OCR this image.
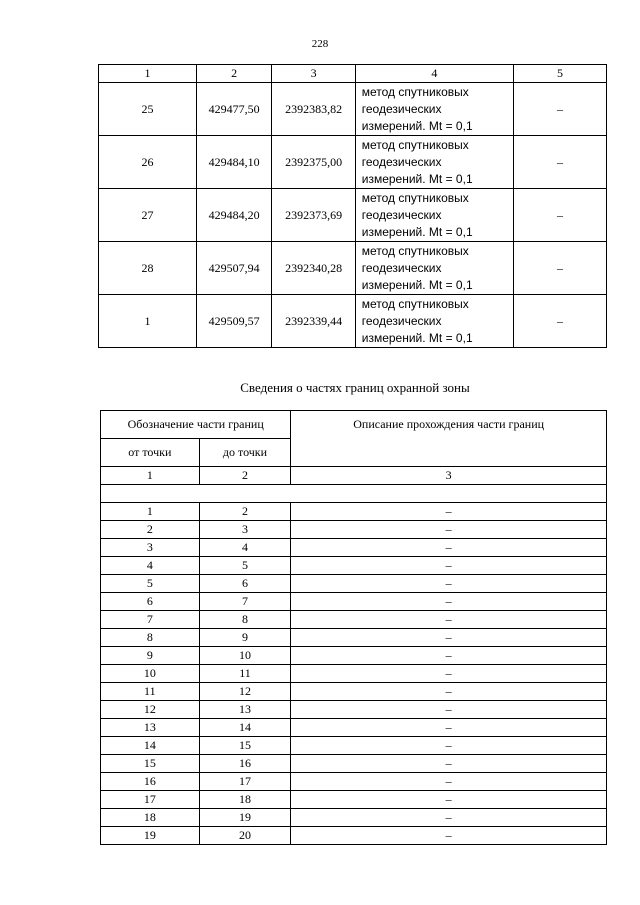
228
1	2	3	4	5
25	429477,50	2392383,82	метод спутниковых
геодезических
измерений. Mt = 0,1	–
26	429484,10	2392375,00	метод спутниковых
геодезических
измерений. Mt = 0,1	–
27	429484,20	2392373,69	метод спутниковых
геодезических
измерений. Mt = 0,1	–
28	429507,94	2392340,28	метод спутниковых
геодезических
измерений. Mt = 0,1	–
1	429509,57	2392339,44	метод спутниковых
геодезических
измерений. Mt = 0,1	–
Сведения о частях границ охранной зоны
Обозначение части границ		Описание прохождения части границ
от точки	до точки	
1	2	3

1	2	–
2	3	–
3	4	–
4	5	–
5	6	–
6	7	–
7	8	–
8	9	–
9	10	–
10	11	–
11	12	–
12	13	–
13	14	–
14	15	–
15	16	–
16	17	–
17	18	–
18	19	–
19	20	–
